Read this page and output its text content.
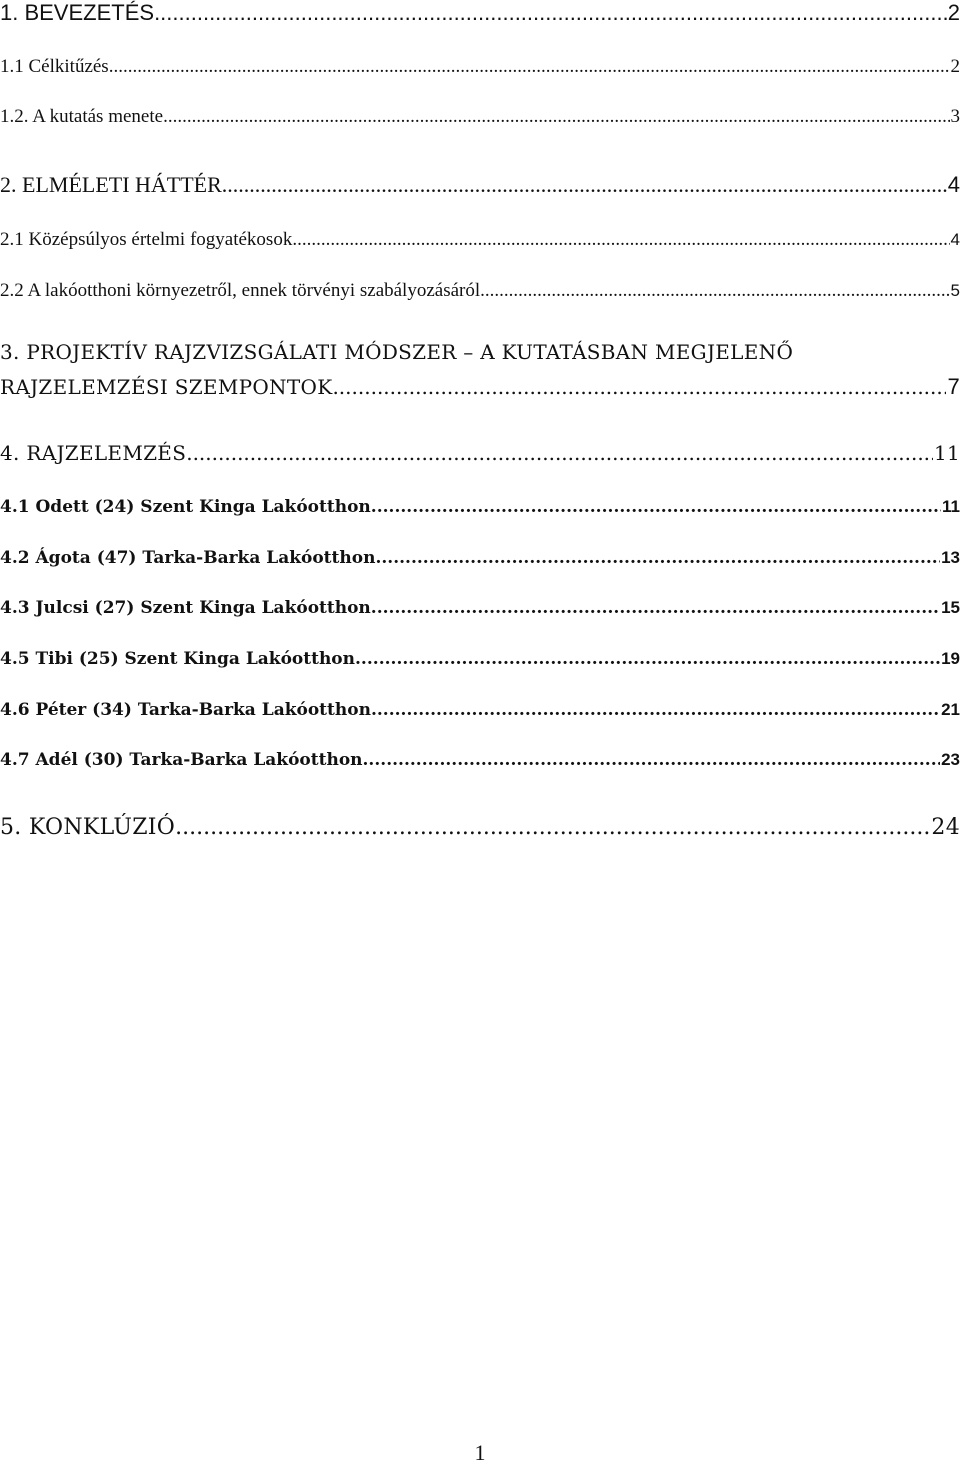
1. BEVEZETÉS .....	2
1.1 Célkitűzés .....	2
1.2. A kutatás menete .....	3
2. ELMÉLETI HÁTTÉR .....	4
2.1 Középsúlyos értelmi fogyatékosok .....	4
2.2 A lakóotthoni környezetről, ennek törvényi szabályozásáról .....	5
3. PROJEKTÍV RAJZVIZSGÁLATI MÓDSZER – A KUTATÁSBAN MEGJELENŐ
RAJZELEMZÉSI SZEMPONTOK .....	7
4. RAJZELEMZÉS .....	11
4.1 Odett (24) Szent Kinga Lakóotthon .....	11
4.2 Ágota (47) Tarka-Barka Lakóotthon .....	13
4.3 Julcsi (27) Szent Kinga Lakóotthon .....	15
4.5 Tibi (25) Szent Kinga Lakóotthon .....	19
4.6 Péter (34) Tarka-Barka Lakóotthon .....	21
4.7 Adél (30) Tarka-Barka Lakóotthon .....	23
5. KONKLÚZIÓ .....	24
1
